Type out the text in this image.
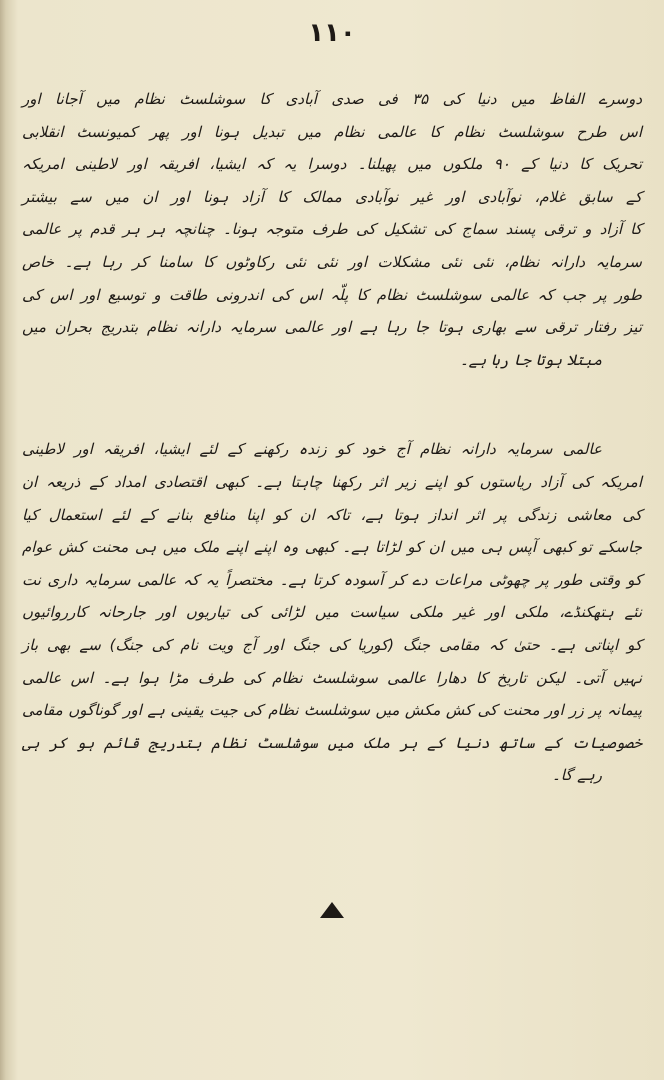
۱۱۰
دوسرے الفاظ میں دنیا کی ۳۵ فی صدی آبادی کا سوشلسٹ نظام میں آجانا اور
اس طرح سوشلسٹ نظام کا عالمی نظام میں تبدیل ہونا اور پھر کمیونسٹ انقلابی
تحریک کا دنیا کے ۹۰ ملکوں میں پھیلنا۔ دوسرا یہ کہ ایشیا، افریقہ اور لاطینی امریکہ
کے سابق غلام، نوآبادی اور غیر نوآبادی ممالک کا آزاد ہونا اور ان میں سے بیشتر
کا آزاد و ترقی پسند سماج کی تشکیل کی طرف متوجہ ہونا۔ چنانچہ ہر ہر قدم پر عالمی
سرمایہ دارانہ نظام، نئی نئی مشکلات اور نئی نئی رکاوٹوں کا سامنا کر رہا ہے۔ خاص
طور پر جب کہ عالمی سوشلسٹ نظام کا پلّہ اس کی اندرونی طاقت و توسیع اور اس کی
تیز رفتار ترقی سے بھاری ہوتا جا رہا ہے اور عالمی سرمایہ دارانہ نظام بتدریج بحران میں
مبتلا ہوتا جا رہا ہے۔
عالمی سرمایہ دارانہ نظام آج خود کو زندہ رکھنے کے لئے ایشیا، افریقہ اور لاطینی
امریکہ کی آزاد ریاستوں کو اپنے زیر اثر رکھنا چاہتا ہے۔ کبھی اقتصادی امداد کے ذریعہ ان
کی معاشی زندگی پر اثر انداز ہوتا ہے، تاکہ ان کو اپنا منافع بنانے کے لئے استعمال کیا
جاسکے تو کبھی آپس ہی میں ان کو لڑاتا ہے۔ کبھی وہ اپنے اپنے ملک میں ہی محنت کش عوام
کو وقتی طور پر چھوٹی مراعات دے کر آسودہ کرتا ہے۔ مختصراً یہ کہ عالمی سرمایہ داری نت
نئے ہتھکنڈے، ملکی اور غیر ملکی سیاست میں لڑائی کی تیاریوں اور جارحانہ کارروائیوں
کو اپناتی ہے۔ حتیٰ کہ مقامی جنگ (کوریا کی جنگ اور آج ویت نام کی جنگ) سے بھی باز
نہیں آتی۔ لیکن تاریخ کا دھارا عالمی سوشلسٹ نظام کی طرف مڑا ہوا ہے۔ اس عالمی
پیمانہ پر زر اور محنت کی کش مکش میں سوشلسٹ نظام کی جیت یقینی ہے اور گوناگوں مقامی
خصوصیات کے ساتھ دنیا کے ہر ملک میں سوشلسٹ نظام بتدریج قائم ہو کر ہی
رہے گا۔
